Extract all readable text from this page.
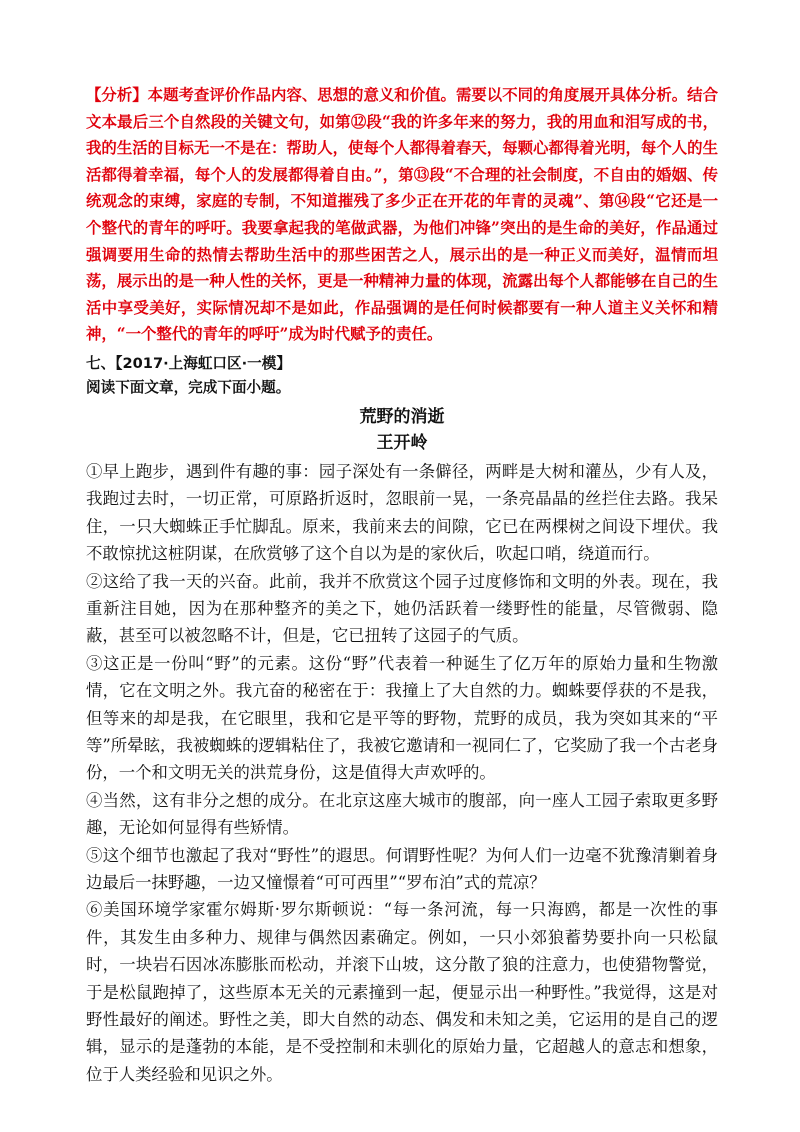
【分析】本题考查评价作品内容、思想的意义和价值。需要以不同的角度展开具体分析。结合文本最后三个自然段的关键文句，如第⑫段“我的许多年来的努力，我的用血和泪写成的书，我的生活的目标无一不是在：帮助人，使每个人都得着春天，每颗心都得着光明，每个人的生活都得着幸福，每个人的发展都得着自由。”，第⑬段“不合理的社会制度，不自由的婚姻、传统观念的束缚，家庭的专制，不知道摧残了多少正在开花的年青的灵魂”、第⑭段“它还是一个整代的青年的呼吁。我要拿起我的笔做武器，为他们冲锋”突出的是生命的美好，作品通过强调要用生命的热情去帮助生活中的那些困苦之人，展示出的是一种正义而美好，温情而坦荡，展示出的是一种人性的关怀，更是一种精神力量的体现，流露出每个人都能够在自己的生活中享受美好，实际情况却不是如此，作品强调的是任何时候都要有一种人道主义关怀和精神，“一个整代的青年的呼吁”成为时代赋予的责任。

七、【2017·上海虹口区·一模】

阅读下面文章，完成下面小题。

荒野的消逝

王开岭

①早上跑步，遇到件有趣的事：园子深处有一条僻径，两畔是大树和灌丛，少有人及，我跑过去时，一切正常，可原路折返时，忽眼前一晃，一条亮晶晶的丝拦住去路。我呆住，一只大蜘蛛正手忙脚乱。原来，我前来去的间隙，它已在两棵树之间设下埋伏。我不敢惊扰这桩阴谋，在欣赏够了这个自以为是的家伙后，吹起口哨，绕道而行。

②这给了我一天的兴奋。此前，我并不欣赏这个园子过度修饰和文明的外表。现在，我重新注目她，因为在那种整齐的美之下，她仍活跃着一缕野性的能量，尽管微弱、隐蔽，甚至可以被忽略不计，但是，它已扭转了这园子的气质。

③这正是一份叫“野”的元素。这份“野”代表着一种诞生了亿万年的原始力量和生物激情，它在文明之外。我亢奋的秘密在于：我撞上了大自然的力。蜘蛛要俘获的不是我，但等来的却是我，在它眼里，我和它是平等的野物，荒野的成员，我为突如其来的“平等”所晕眩，我被蜘蛛的逻辑粘住了，我被它邀请和一视同仁了，它奖励了我一个古老身份，一个和文明无关的洪荒身份，这是值得大声欢呼的。

④当然，这有非分之想的成分。在北京这座大城市的腹部，向一座人工园子索取更多野趣，无论如何显得有些矫情。

⑤这个细节也激起了我对“野性”的遐思。何谓野性呢？为何人们一边毫不犹豫清剿着身边最后一抹野趣，一边又憧憬着“可可西里”“罗布泊”式的荒凉？

⑥美国环境学家霍尔姆斯·罗尔斯顿说：“每一条河流，每一只海鸥，都是一次性的事件，其发生由多种力、规律与偶然因素确定。例如，一只小郊狼蓄势要扑向一只松鼠时，一块岩石因冰冻膨胀而松动，并滚下山坡，这分散了狼的注意力，也使猎物警觉，于是松鼠跑掉了，这些原本无关的元素撞到一起，便显示出一种野性。”我觉得，这是对野性最好的阐述。野性之美，即大自然的动态、偶发和未知之美，它运用的是自己的逻辑，显示的是蓬勃的本能，是不受控制和未驯化的原始力量，它超越人的意志和想象，位于人类经验和见识之外。
